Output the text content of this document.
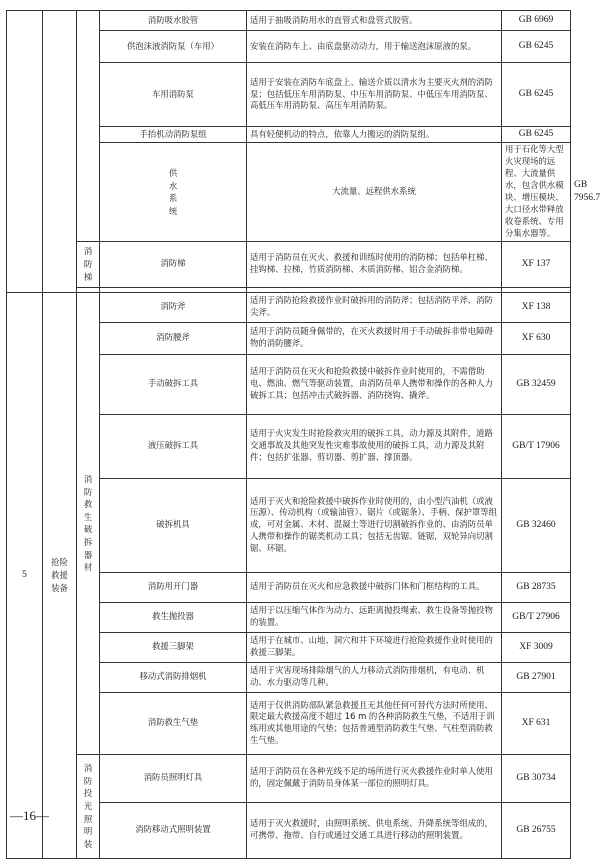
			消防吸水胶管	适用于抽吸消防用水的直管式和盘管式胶管。	GB 6969	
			供泡沫液消防泵（车用）	安装在消防车上、由底盘驱动动力，用于输送泡沫原液的泵。	GB 6245	
			车用消防泵	适用于安装在消防车底盘上、输送介质以清水为主要灭火剂的消防泵；包括低压车用消防泵、中压车用消防泵、中低压车用消防泵、高低压车用消防泵、高压车用消防泵。	GB 6245	
			手抬机动消防泵组	具有轻便机动的特点，依靠人力搬运的消防泵组。	GB 6245	
			供水系统	大流量、远程供水系统	用于石化等大型火灾现场的远程、大流量供水，包含供水模块、增压模块、大口径水带释放收卷系统、专用分集水器等。	GB 7956.7
		消防梯	消防梯	适用于消防员在灭火、救援和训练时使用的消防梯；包括单杠梯、挂钩梯、拉梯，竹质消防梯、木质消防梯、铝合金消防梯。	XF 137	

5	抢险救援装备	消防救生破拆器材	消防斧	适用于消防抢险救援作业时破拆用的消防斧；包括消防平斧、消防尖斧。	XF 138	
			消防腰斧	适用于消防员随身佩带的，在灭火救援时用于手动破拆非带电障碍物的消防腰斧。	XF 630	
			手动破拆工具	适用于消防员在灭火和抢险救援中破拆作业时使用的，不需借助电、燃油、燃气等驱动装置，由消防员单人携带和操作的各种人力破拆工具；包括冲击式破拆器、消防挠钩、撬斧。	GB 32459	
			液压破拆工具	适用于火灾发生时抢险救灾用的破拆工具，动力源及其附件，道路交通事故及其他突发性灾难事故使用的破拆工具，动力源及其附件；包括扩张器、剪切器、剪扩器、撑顶器。	GB/T 17906	
			破拆机具	适用于灭火和抢险救援中破拆作业时使用的，由小型汽油机（或液压源）、传动机构（或输油管）、锯片（或锯条）、手柄、保护罩等组成，可对金属、木材、混凝土等进行切割破拆作业的、由消防员单人携带和操作的锯类机动工具；包括无齿锯、链锯，双轮异向切割锯、环锯。	GB 32460	
			消防用开门器	适用于消防员在灭火和应急救援中破拆门体和门框结构的工具。	GB 28735	
			救生抛投器	适用于以压缩气体作为动力、远距离抛投绳索、救生设备等抛投物的装置。	GB/T 27906	
			救援三脚架	适用于在城市、山地、洞穴和井下环境进行抢险救援作业时使用的救援三脚架。	XF 3009	
			移动式消防排烟机	适用于灾害现场排除烟气的人力移动式消防排烟机，有电动、机动、水力驱动等几种。	GB 27901	
			消防救生气垫	适用于仅供消防部队紧急救援且无其他任何可替代方法时所使用、限定最大救援高度不超过 16 m 的各种消防救生气垫，不适用于训练用或其他用途的气垫；包括普通型消防救生气垫、气柱型消防救生气垫。	XF 631	
		消防投光照明装	消防员照明灯具	适用于消防员在各种光线不足的场所进行灭火救援作业时单人使用的，固定佩戴于消防员身体某一部位的照明灯具。	GB 30734	
			消防移动式照明装置	适用于灭火救援时，由照明系统、供电系统、升降系统等组成的，可携带、拖带、自行或通过交通工具进行移动的照明装置。	GB 26755	
—16—
